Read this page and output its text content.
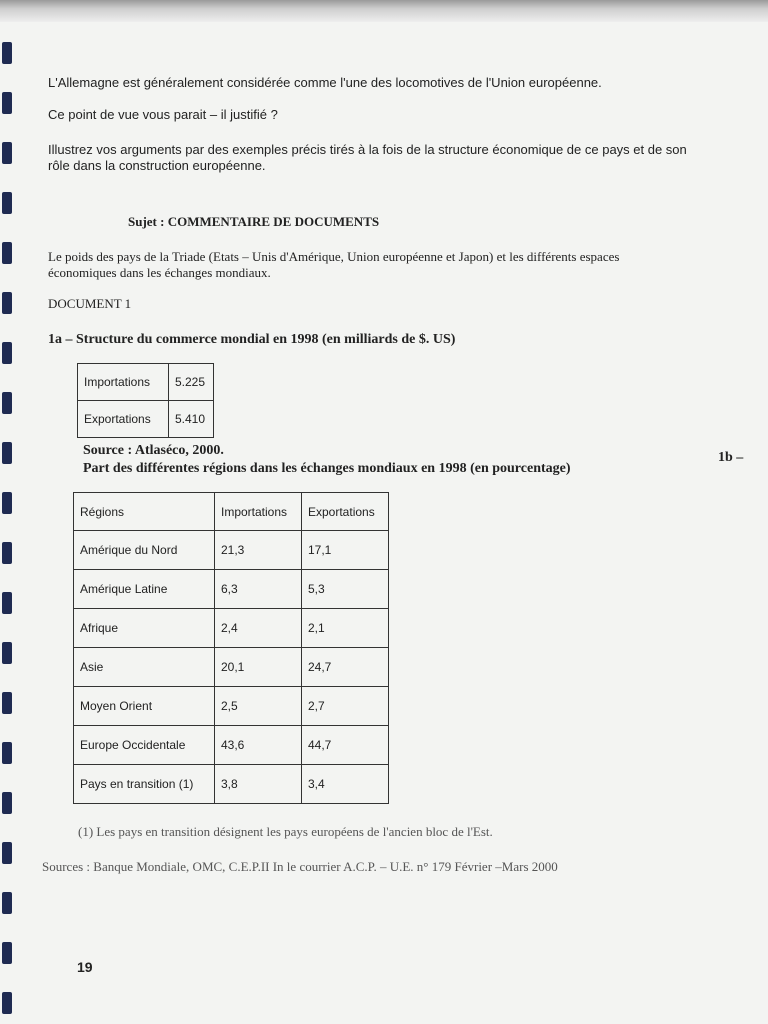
L'Allemagne est généralement considérée comme l'une des locomotives de l'Union européenne.
Ce point de vue vous parait – il justifié ?
Illustrez vos arguments par des exemples précis tirés à la fois de la structure économique de ce pays et de son
rôle dans la construction européenne.
Sujet : COMMENTAIRE DE DOCUMENTS
Le poids des pays de la Triade (Etats – Unis d'Amérique, Union européenne et Japon) et les différents espaces
économiques dans les échanges mondiaux.
DOCUMENT 1
1a – Structure du commerce mondial en 1998 (en milliards de $. US)
Importations	5.225
Exportations	5.410
Source : Atlaséco, 2000.	1b –
Part des différentes régions dans les échanges mondiaux en 1998 (en pourcentage)
Régions	Importations	Exportations
Amérique du Nord	21,3	17,1
Amérique Latine	6,3	5,3
Afrique	2,4	2,1
Asie	20,1	24,7
Moyen Orient	2,5	2,7
Europe Occidentale	43,6	44,7
Pays en transition (1)	3,8	3,4
(1) Les pays en transition désignent les pays européens de l'ancien bloc de l'Est.
Sources : Banque Mondiale, OMC, C.E.P.II In le courrier A.C.P. – U.E. n° 179 Février –Mars 2000
19
